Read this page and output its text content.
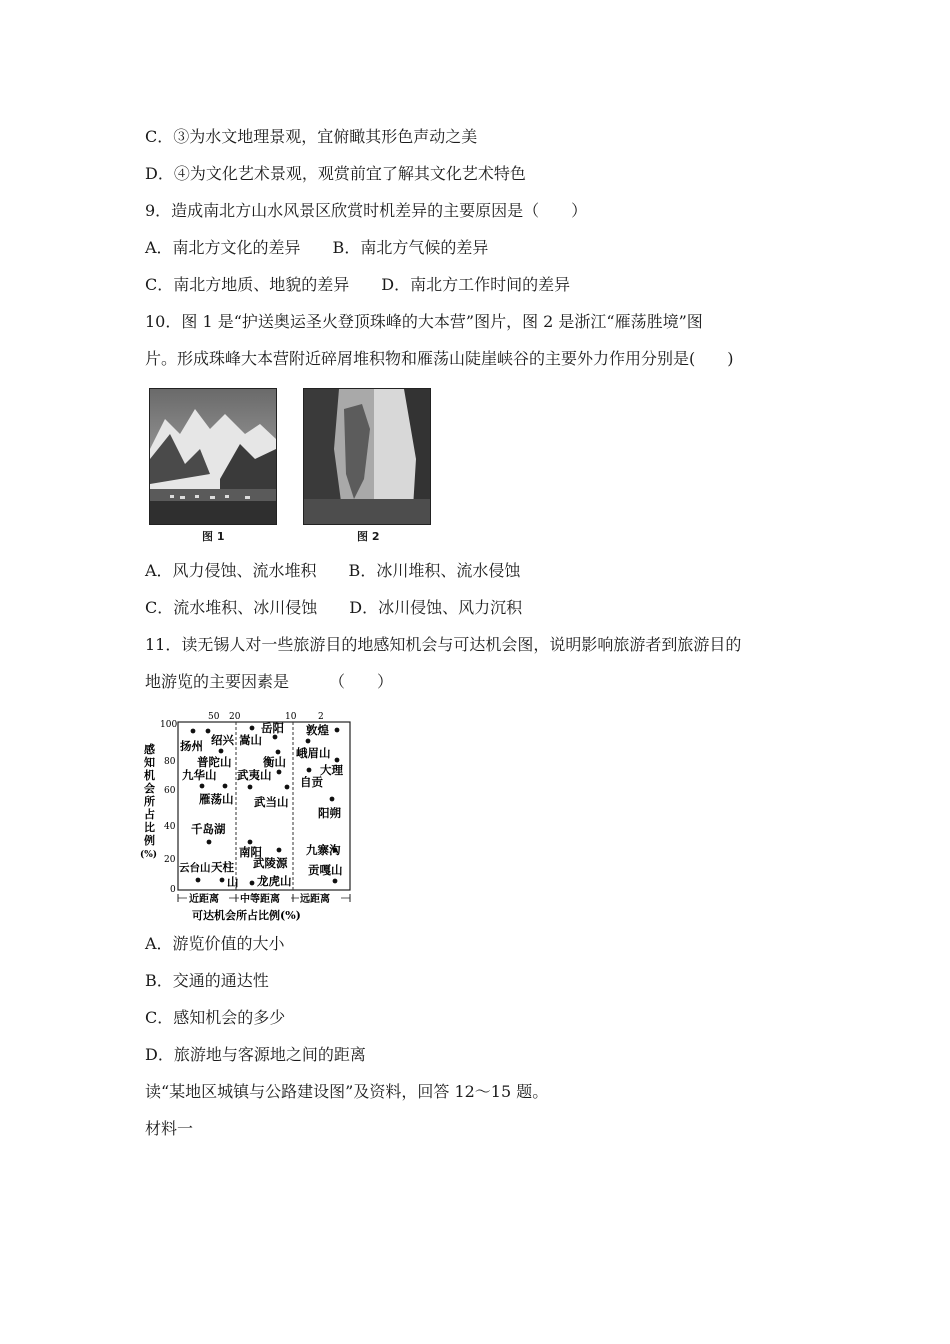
C．③为水文地理景观，宜俯瞰其形色声动之美
D．④为文化艺术景观，观赏前宜了解其文化艺术特色
9．造成南北方山水风景区欣赏时机差异的主要原因是（　　）
A．南北方文化的差异　　B．南北方气候的差异
C．南北方地质、地貌的差异　　D．南北方工作时间的差异
10．图 1 是“护送奥运圣火登顶珠峰的大本营”图片，图 2 是浙江“雁荡胜境”图
片。形成珠峰大本营附近碎屑堆积物和雁荡山陡崖峡谷的主要外力作用分别是(　　)
图 1	图 2
A．风力侵蚀、流水堆积　　B．冰川堆积、流水侵蚀
C．流水堆积、冰川侵蚀　　D．冰川侵蚀、风力沉积
11．读无锡人对一些旅游目的地感知机会与可达机会图，说明影响旅游者到旅游目的
地游览的主要因素是　　　（　　）
感知机会所占比例(%)
100
80
60
40
20
0
50 20	10 2
扬州 绍兴
岳阳
嵩山
敦煌
峨眉山
大理
普陀山	衡山
九华山 武夷山 自贡
雁荡山 武当山
阳朔
千岛湖
南阳	九寨沟
武陵源
云台山 天柱	贡嘎山
山 龙虎山
近距离 中等距离 远距离
可达机会所占比例(%)
A．游览价值的大小
B．交通的通达性
C．感知机会的多少
D．旅游地与客源地之间的距离
读“某地区城镇与公路建设图”及资料，回答 12～15 题。
材料一
